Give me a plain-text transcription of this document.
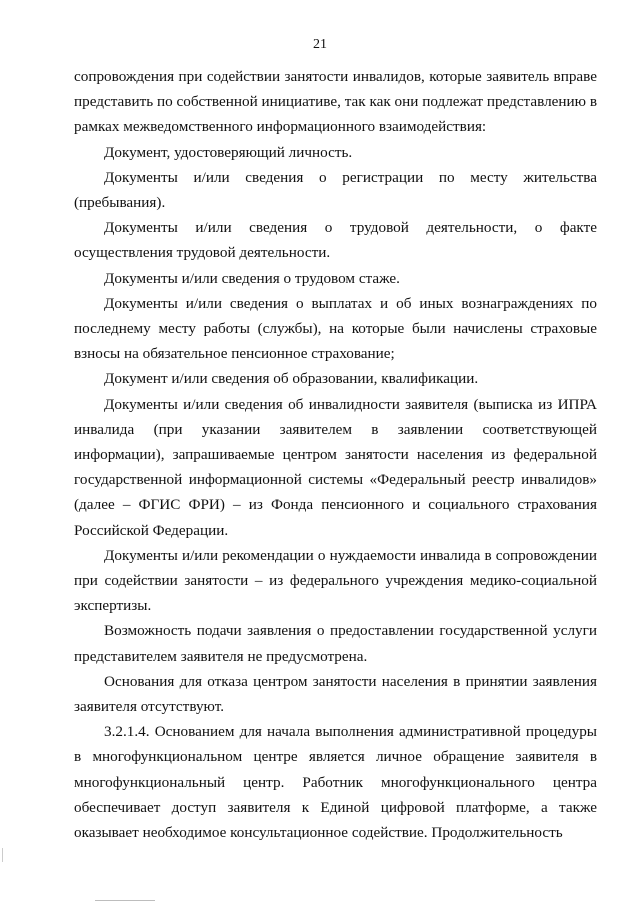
21

сопровождения при содействии занятости инвалидов, которые заявитель вправе представить по собственной инициативе, так как они подлежат представлению в рамках межведомственного информационного взаимодействия:

Документ, удостоверяющий личность.

Документы и/или сведения о регистрации по месту жительства (пребывания).

Документы и/или сведения о трудовой деятельности, о факте осуществления трудовой деятельности.

Документы и/или сведения о трудовом стаже.

Документы и/или сведения о выплатах и об иных вознаграждениях по последнему месту работы (службы), на которые были начислены страховые взносы на обязательное пенсионное страхование;

Документ и/или сведения об образовании, квалификации.

Документы и/или сведения об инвалидности заявителя (выписка из ИПРА инвалида (при указании заявителем в заявлении соответствующей информации), запрашиваемые центром занятости населения из федеральной государственной информационной системы «Федеральный реестр инвалидов» (далее – ФГИС ФРИ) – из Фонда пенсионного и социального страхования Российской Федерации.

Документы и/или рекомендации о нуждаемости инвалида в сопровождении при содействии занятости – из федерального учреждения медико-социальной экспертизы.

Возможность подачи заявления о предоставлении государственной услуги представителем заявителя не предусмотрена.

Основания для отказа центром занятости населения в принятии заявления заявителя отсутствуют.

3.2.1.4. Основанием для начала выполнения административной процедуры в многофункциональном центре является личное обращение заявителя в многофункциональный центр. Работник многофункционального центра обеспечивает доступ заявителя к Единой цифровой платформе, а также оказывает необходимое консультационное содействие. Продолжительность
